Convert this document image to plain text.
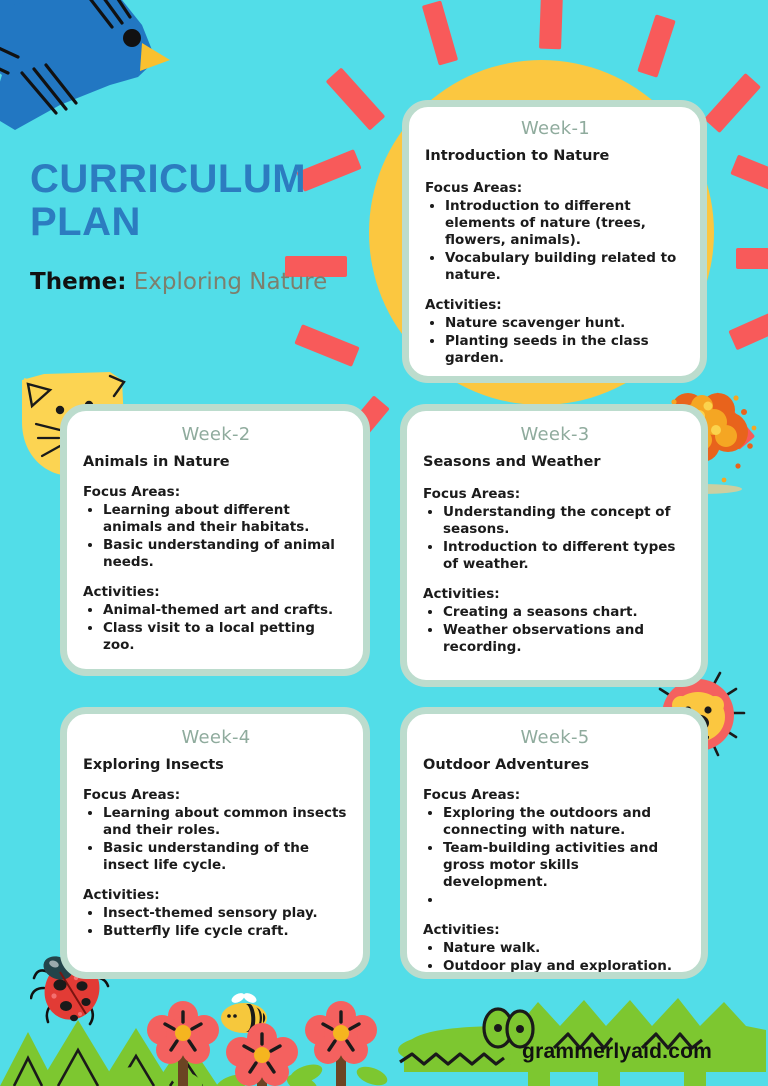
CURRICULUM
PLAN
Theme: Exploring Nature
Week-1

Introduction to Nature

Focus Areas:

• Introduction to different elements of nature (trees, flowers, animals).
• Vocabulary building related to nature.

Activities:

• Nature scavenger hunt.
• Planting seeds in the class garden.
Week-2

Animals in Nature

Focus Areas:

• Learning about different animals and their habitats.
• Basic understanding of animal needs.

Activities:

• Animal-themed art and crafts.
• Class visit to a local petting zoo.
Week-3

Seasons and Weather

Focus Areas:

• Understanding the concept of seasons.
• Introduction to different types of weather.

Activities:

• Creating a seasons chart.
• Weather observations and recording.
Week-4

Exploring Insects

Focus Areas:

• Learning about common insects and their roles.
• Basic understanding of the insect life cycle.

Activities:

• Insect-themed sensory play.
• Butterfly life cycle craft.
Week-5

Outdoor Adventures

Focus Areas:

• Exploring the outdoors and connecting with nature.
• Team-building activities and gross motor skills development.
•

Activities:

• Nature walk.
• Outdoor play and exploration.
grammerlyaid.com
